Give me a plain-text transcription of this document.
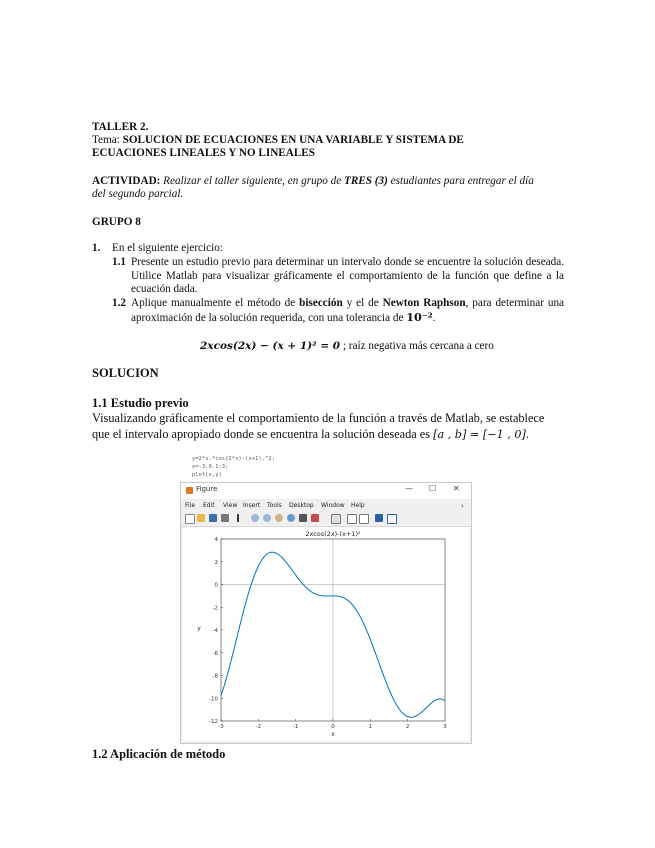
TALLER 2.
Tema: SOLUCION DE ECUACIONES EN UNA VARIABLE Y SISTEMA DE
ECUACIONES LINEALES Y NO LINEALES
ACTIVIDAD: Realizar el taller siguiente, en grupo de TRES (3) estudiantes para entregar el día
del segundo parcial.
GRUPO 8
1. En el siguiente ejercicio:
1.1 Presente un estudio previo para determinar un intervalo donde se encuentre la solución deseada. Utilice Matlab para visualizar gráficamente el comportamiento de la función que define a la ecuación dada.
1.2 Aplique manualmente el método de bisección y el de Newton Raphson, para determinar una aproximación de la solución requerida, con una tolerancia de 10⁻².
2xcos(2x) − (x + 1)² = 0 ; raíz negativa más cercana a cero
SOLUCION
1.1 Estudio previo
Visualizando gráficamente el comportamiento de la función a través de Matlab, se establece
que el intervalo apropiado donde se encuentra la solución deseada es [a , b] = [−1 , 0].
y=2*x.*cos(2*x)-(x+1).^2;
x=-3:0.1:3;
plot(x,y)
Figure	— ☐ ✕
File Edit View Insert Tools Desktop Window Help	›
2xcos(2x)-(x+1)²
-3	-2	-1	0	1	2	3
4
2
0
-2
-4
-6
-8
-10
-12
x
y
1.2 Aplicación de método
